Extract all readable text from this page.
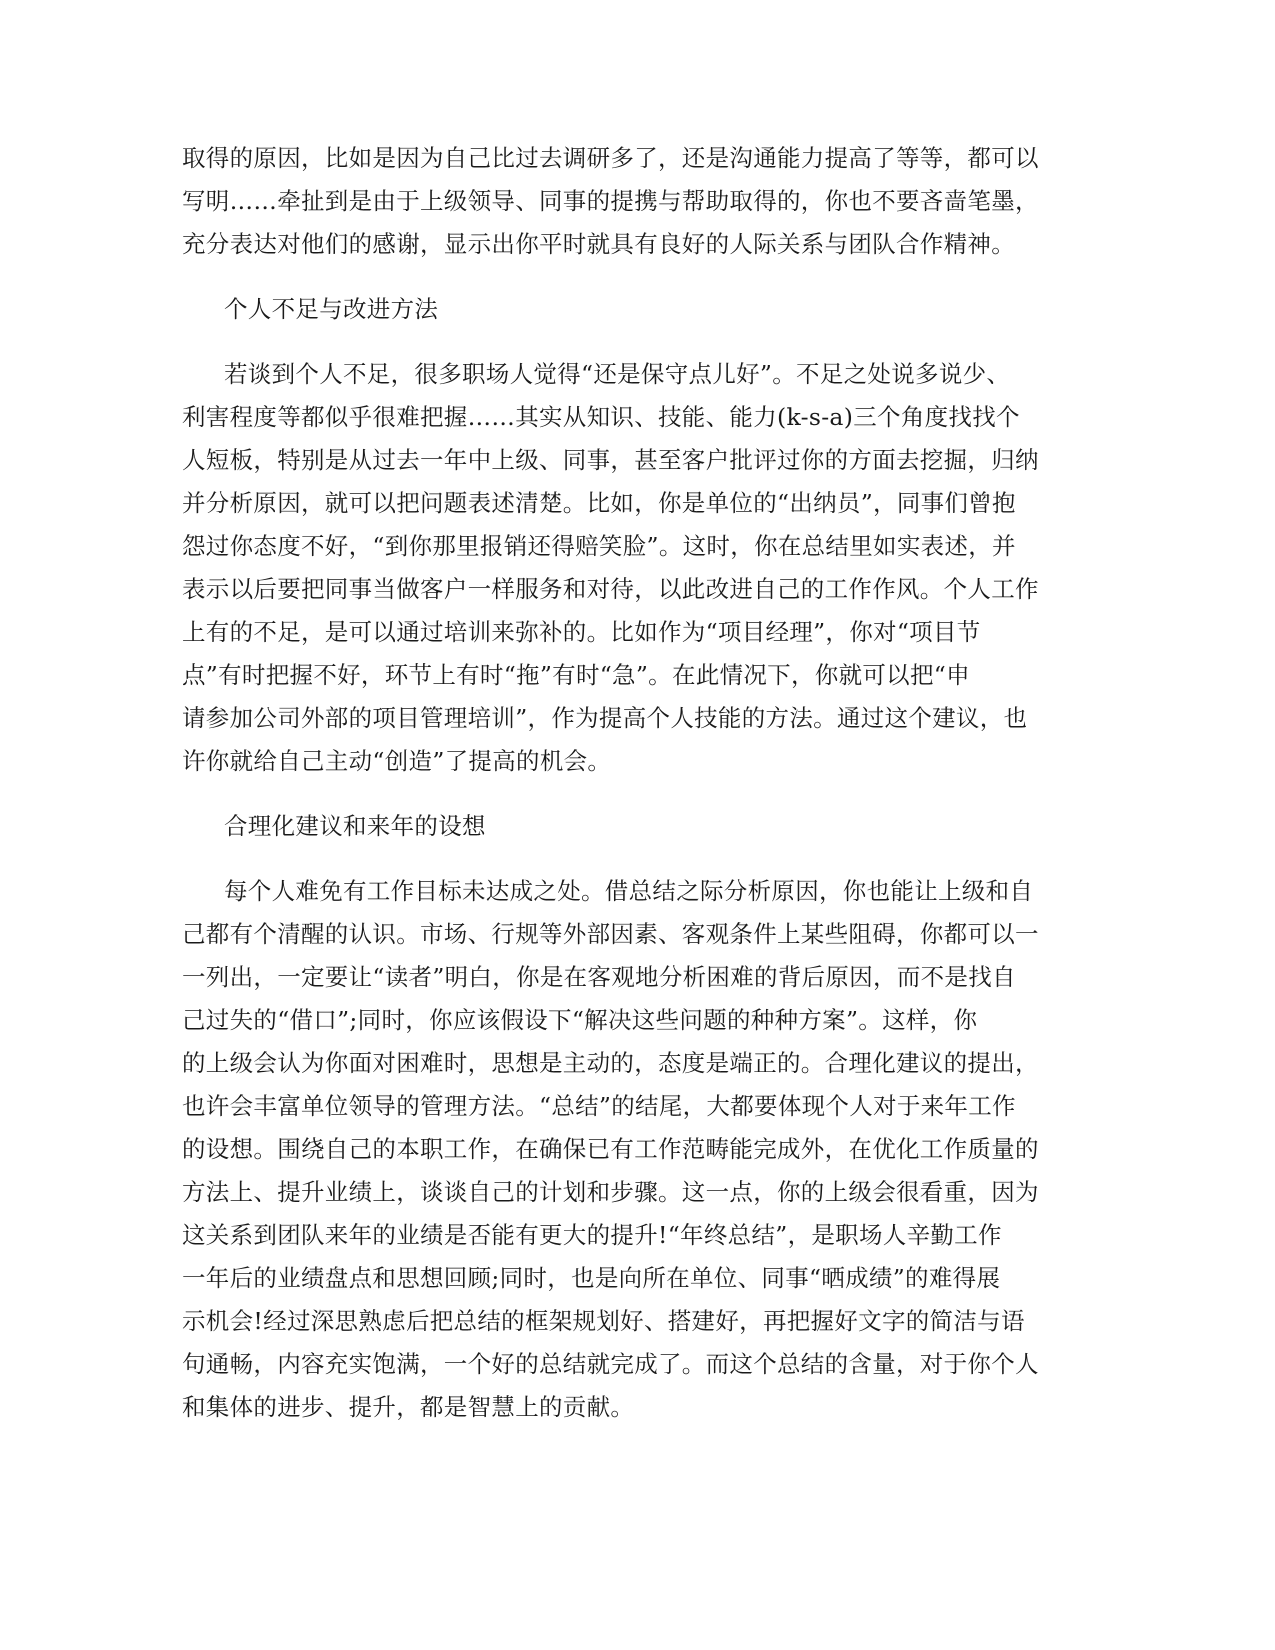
取得的原因，比如是因为自己比过去调研多了，还是沟通能力提高了等等，都可以
写明……牵扯到是由于上级领导、同事的提携与帮助取得的，你也不要吝啬笔墨，
充分表达对他们的感谢，显示出你平时就具有良好的人际关系与团队合作精神。
个人不足与改进方法
若谈到个人不足，很多职场人觉得“还是保守点儿好”。不足之处说多说少、
利害程度等都似乎很难把握……其实从知识、技能、能力(k-s-a)三个角度找找个
人短板，特别是从过去一年中上级、同事，甚至客户批评过你的方面去挖掘，归纳
并分析原因，就可以把问题表述清楚。比如，你是单位的“出纳员”，同事们曾抱
怨过你态度不好，“到你那里报销还得赔笑脸”。这时，你在总结里如实表述，并
表示以后要把同事当做客户一样服务和对待，以此改进自己的工作作风。个人工作
上有的不足，是可以通过培训来弥补的。比如作为“项目经理”，你对“项目节
点”有时把握不好，环节上有时“拖”有时“急”。在此情况下，你就可以把“申
请参加公司外部的项目管理培训”，作为提高个人技能的方法。通过这个建议，也
许你就给自己主动“创造”了提高的机会。
合理化建议和来年的设想
每个人难免有工作目标未达成之处。借总结之际分析原因，你也能让上级和自
己都有个清醒的认识。市场、行规等外部因素、客观条件上某些阻碍，你都可以一
一列出，一定要让“读者”明白，你是在客观地分析困难的背后原因，而不是找自
己过失的“借口”;同时，你应该假设下“解决这些问题的种种方案”。这样，你
的上级会认为你面对困难时，思想是主动的，态度是端正的。合理化建议的提出，
也许会丰富单位领导的管理方法。“总结”的结尾，大都要体现个人对于来年工作
的设想。围绕自己的本职工作，在确保已有工作范畴能完成外，在优化工作质量的
方法上、提升业绩上，谈谈自己的计划和步骤。这一点，你的上级会很看重，因为
这关系到团队来年的业绩是否能有更大的提升!“年终总结”，是职场人辛勤工作
一年后的业绩盘点和思想回顾;同时，也是向所在单位、同事“晒成绩”的难得展
示机会!经过深思熟虑后把总结的框架规划好、搭建好，再把握好文字的简洁与语
句通畅，内容充实饱满，一个好的总结就完成了。而这个总结的含量，对于你个人
和集体的进步、提升，都是智慧上的贡献。
